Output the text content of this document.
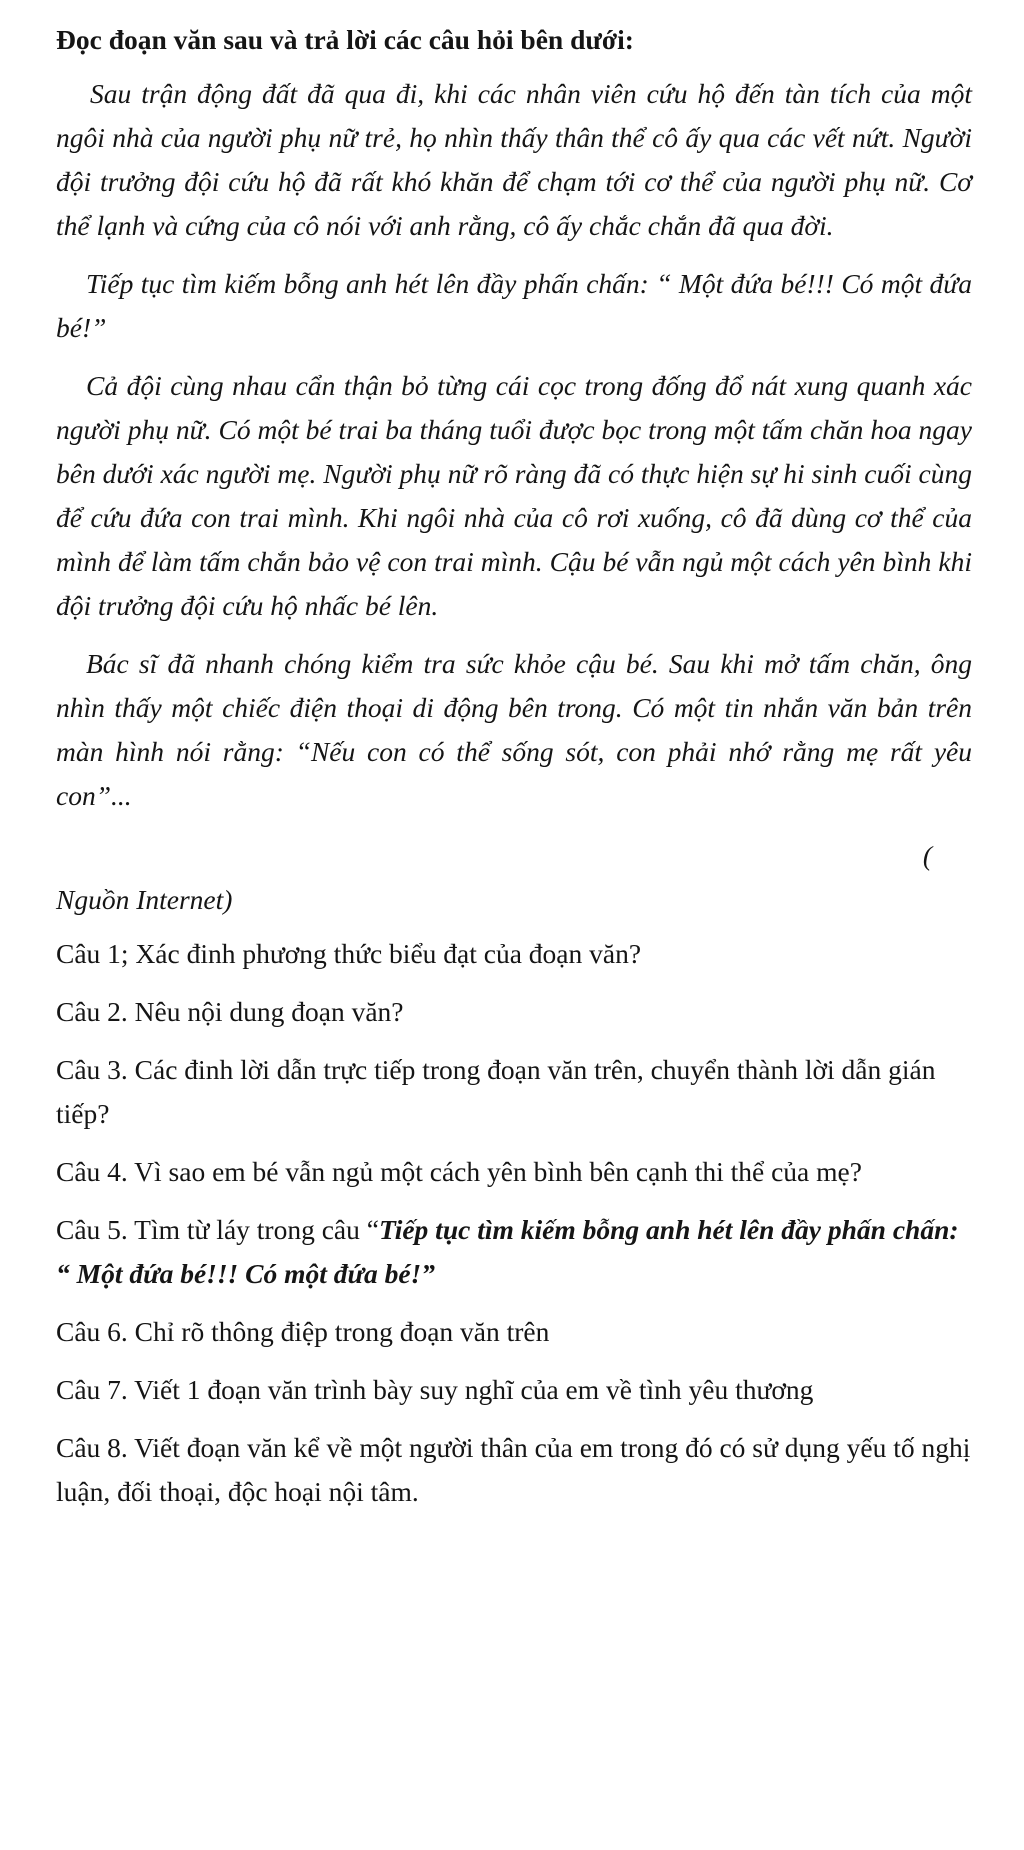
Đọc đoạn văn sau và trả lời các câu hỏi bên dưới:

Sau trận động đất đã qua đi, khi các nhân viên cứu hộ đến tàn tích của một ngôi nhà của người phụ nữ trẻ, họ nhìn thấy thân thể cô ấy qua các vết nứt. Người đội trưởng đội cứu hộ đã rất khó khăn để chạm tới cơ thể của người phụ nữ. Cơ thể lạnh và cứng của cô nói với anh rằng, cô ấy chắc chắn đã qua đời.

Tiếp tục tìm kiếm bỗng anh hét lên đầy phấn chấn: “ Một đứa bé!!! Có một đứa bé!”

Cả đội cùng nhau cẩn thận bỏ từng cái cọc trong đống đổ nát xung quanh xác người phụ nữ. Có một bé trai ba tháng tuổi được bọc trong một tấm chăn hoa ngay bên dưới xác người mẹ. Người phụ nữ rõ ràng đã có thực hiện sự hi sinh cuối cùng để cứu đứa con trai mình. Khi ngôi nhà của cô rơi xuống, cô đã dùng cơ thể của mình để làm tấm chắn bảo vệ con trai mình. Cậu bé vẫn ngủ một cách yên bình khi đội trưởng đội cứu hộ nhấc bé lên.

Bác sĩ đã nhanh chóng kiểm tra sức khỏe cậu bé. Sau khi mở tấm chăn, ông nhìn thấy một chiếc điện thoại di động bên trong. Có một tin nhắn văn bản trên màn hình nói rằng: “Nếu con có thể sống sót, con phải nhớ rằng mẹ rất yêu con”...

(

Nguồn Internet)

Câu 1; Xác đinh phương thức biểu đạt của đoạn văn?

Câu 2. Nêu nội dung đoạn văn?

Câu 3. Các đinh lời dẫn trực tiếp trong đoạn văn trên, chuyển thành lời dẫn gián tiếp?

Câu 4. Vì sao em bé vẫn ngủ một cách yên bình bên cạnh thi thể của mẹ?

Câu 5. Tìm từ láy trong câu “Tiếp tục tìm kiếm bỗng anh hét lên đầy phấn chấn: “ Một đứa bé!!! Có một đứa bé!”

Câu 6. Chỉ rõ thông điệp trong đoạn văn trên

Câu 7. Viết 1 đoạn văn trình bày suy nghĩ của em về tình yêu thương

Câu 8. Viết đoạn văn kể về một người thân của em trong đó có sử dụng yếu tố nghị luận, đối thoại, độc hoại nội tâm.
